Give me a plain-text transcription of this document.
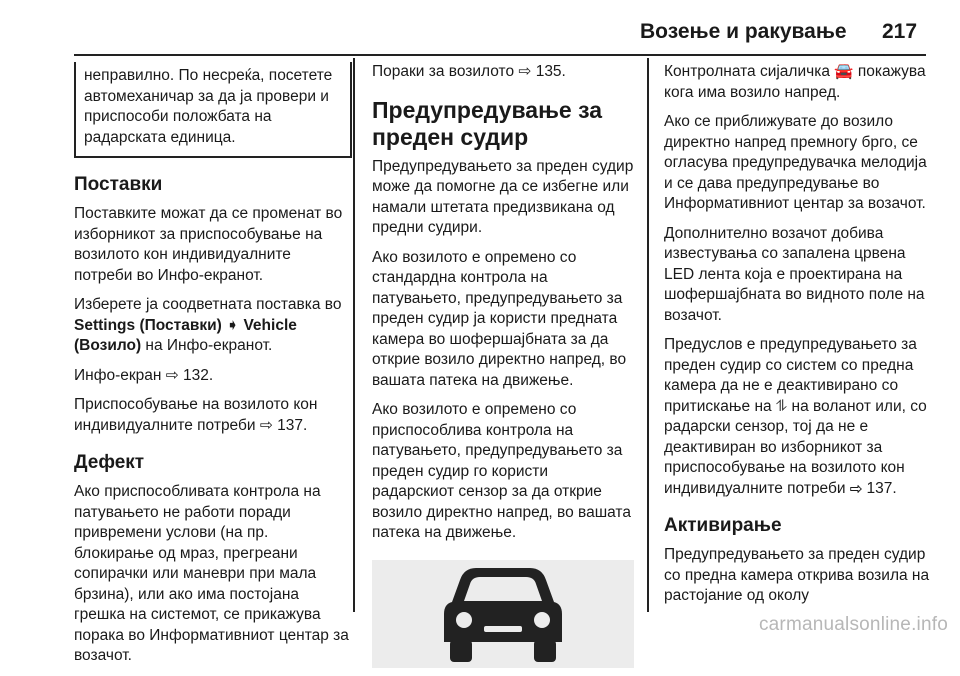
Возење и ракување 217

неправилно. По несреќа, посетете автомеханичар за да ја провери и приспособи положбата на радарската единица.

Поставки

Поставките можат да се променат во изборникот за приспособување на возилото кон индивидуалните потреби во Инфо-екранот.

Изберете ја соодветната поставка во Settings (Поставки) ➧ Vehicle (Возило) на Инфо-екранот.

Инфо-екран ⇨ 132.

Приспособување на возилото кон индивидуалните потреби ⇨ 137.

Дефект

Ако приспособливата контрола на патувањето не работи поради привремени услови (на пр. блокирање од мраз, прегреани сопирачки или маневри при мала брзина), или ако има постојана грешка на системот, се прикажува порака во Информативниот центар за возачот.

Пораки за возилото ⇨ 135.

Предупредување за преден судир

Предупредувањето за преден судир може да помогне да се избегне или намали штетата предизвикана од предни судири.

Ако возилото е опремено со стандардна контрола на патувањето, предупредувањето за преден судир ја користи предната камера во шофершајбната за да открие возило директно напред, во вашата патека на движење.

Ако возилото е опремено со приспособлива контрола на патувањето, предупредувањето за преден судир го користи радарскиот сензор за да открие возило директно напред, во вашата патека на движење.

Контролната сијаличка 🚘 покажува кога има возило напред.

Ако се приближувате до возило директно напред премногу брго, се огласува предупредувачка мелодија и се дава предупредување во Информативниот центар за возачот.

Дополнително возачот добива известувања со запалена црвена LED лента која е проектирана на шофершајбната во видното поле на возачот.

Предуслов е предупредувањето за преден судир со систем со предна камера да не е деактивирано со притискање на ⥮ на воланот или, со радарски сензор, тој да не е деактивиран во изборникот за приспособување на возилото кон индивидуалните потреби ⇨ 137.

Активирање

Предупредувањето за преден судир со предна камера открива возила на растојание од околу

carmanualsonline.info
